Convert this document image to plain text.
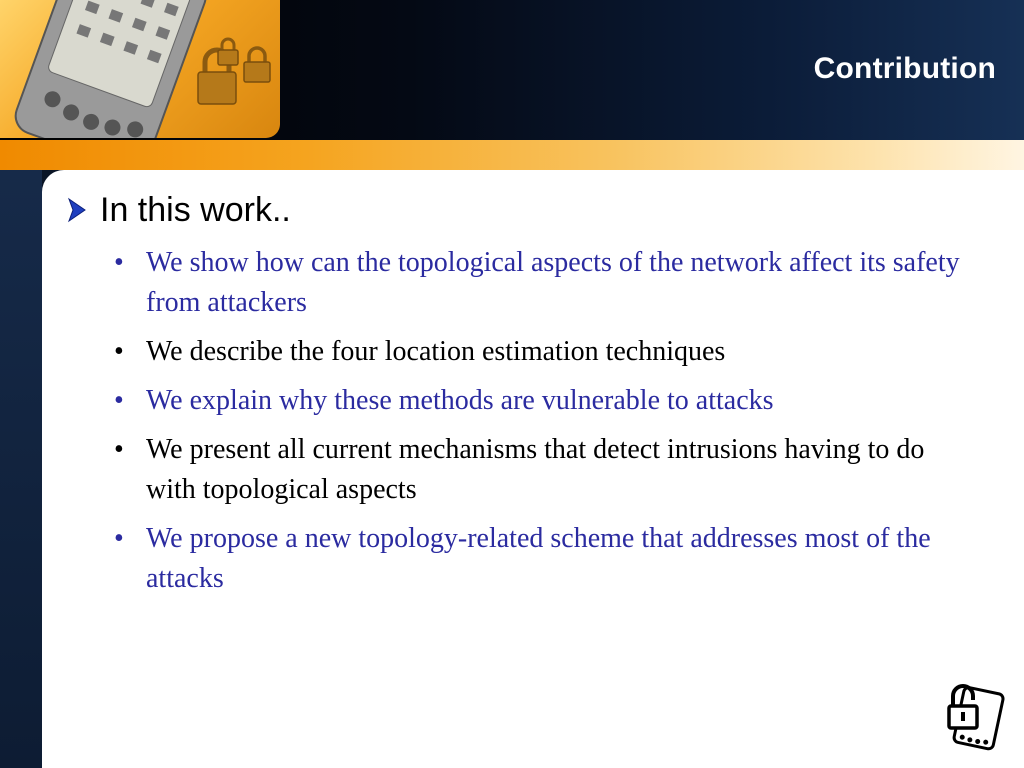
Contribution
In this work..
• We show how can the topological aspects of the network affect its safety from attackers
• We describe the four location estimation techniques
• We explain why these methods are vulnerable to attacks
• We present all current mechanisms that detect intrusions having to do with topological aspects
• We propose a new topology-related scheme that addresses most of the attacks
